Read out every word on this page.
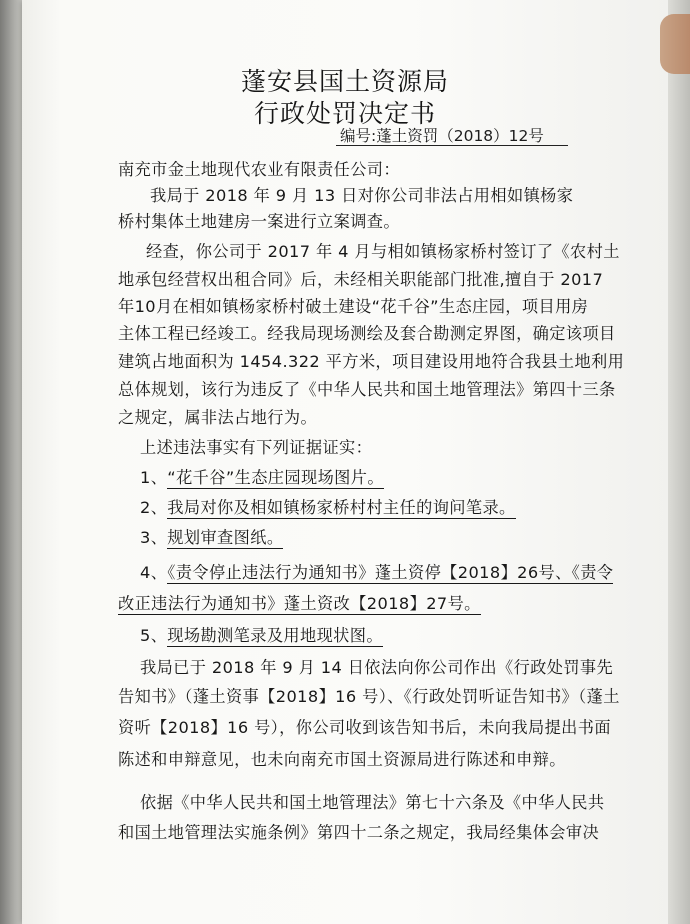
蓬安县国土资源局
行政处罚决定书
编号:蓬土资罚（2018）12号
南充市金土地现代农业有限责任公司：
我局于 2018 年 9 月 13 日对你公司非法占用相如镇杨家
桥村集体土地建房一案进行立案调查。
经查，你公司于 2017 年 4 月与相如镇杨家桥村签订了《农村土
地承包经营权出租合同》后，未经相关职能部门批准,擅自于 2017
年10月在相如镇杨家桥村破土建设“花千谷”生态庄园，项目用房
主体工程已经竣工。经我局现场测绘及套合勘测定界图，确定该项目
建筑占地面积为 1454.322 平方米，项目建设用地符合我县土地利用
总体规划，该行为违反了《中华人民共和国土地管理法》第四十三条
之规定，属非法占地行为。
上述违法事实有下列证据证实：
1、“花千谷”生态庄园现场图片。
2、我局对你及相如镇杨家桥村村主任的询问笔录。
3、规划审查图纸。
4、《责令停止违法行为通知书》蓬土资停【2018】26号、《责令
改正违法行为通知书》蓬土资改【2018】27号。
5、现场勘测笔录及用地现状图。
我局已于 2018 年 9 月 14 日依法向你公司作出《行政处罚事先
告知书》（蓬土资事【2018】16 号）、《行政处罚听证告知书》（蓬土
资听【2018】16 号），你公司收到该告知书后，未向我局提出书面
陈述和申辩意见，也未向南充市国土资源局进行陈述和申辩。
依据《中华人民共和国土地管理法》第七十六条及《中华人民共
和国土地管理法实施条例》第四十二条之规定，我局经集体会审决
